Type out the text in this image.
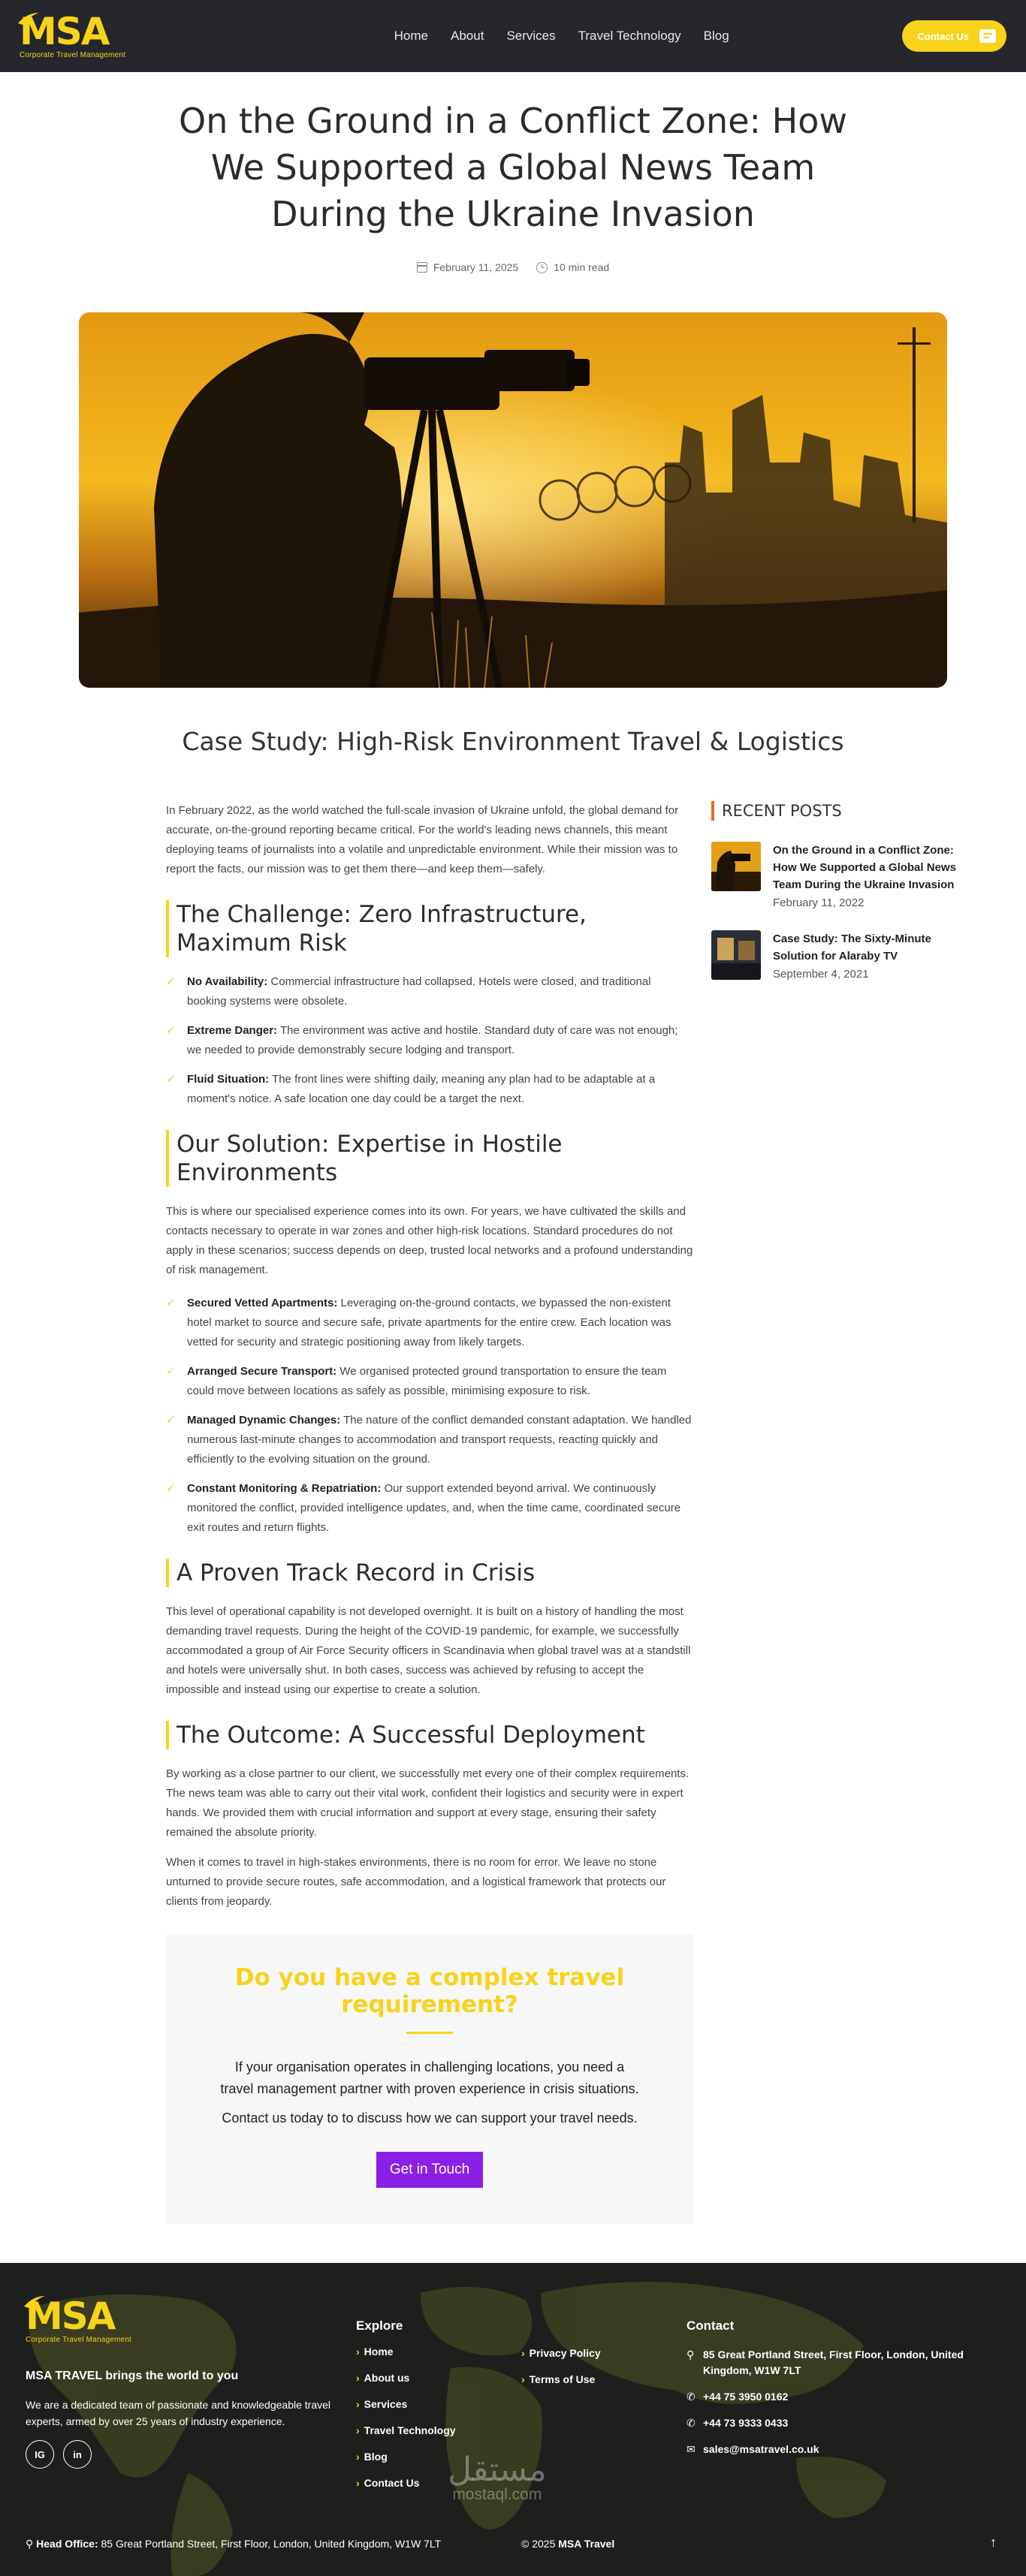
MSA
Corporate Travel Management
Home About Services Travel Technology Blog	Contact Us
On the Ground in a Conflict Zone: How We Supported a Global News Team During the Ukraine Invasion
February 11, 2025	10 min read
Case Study: High-Risk Environment Travel & Logistics

In February 2022, as the world watched the full-scale invasion of Ukraine unfold, the global demand for accurate, on-the-ground reporting became critical. For the world's leading news channels, this meant deploying teams of journalists into a volatile and unpredictable environment. While their mission was to report the facts, our mission was to get them there—and keep them—safely.

The Challenge: Zero Infrastructure, Maximum Risk
✓ No Availability: Commercial infrastructure had collapsed. Hotels were closed, and traditional booking systems were obsolete.
✓ Extreme Danger: The environment was active and hostile. Standard duty of care was not enough; we needed to provide demonstrably secure lodging and transport.
✓ Fluid Situation: The front lines were shifting daily, meaning any plan had to be adaptable at a moment's notice. A safe location one day could be a target the next.
Our Solution: Expertise in Hostile Environments

This is where our specialised experience comes into its own. For years, we have cultivated the skills and contacts necessary to operate in war zones and other high-risk locations. Standard procedures do not apply in these scenarios; success depends on deep, trusted local networks and a profound understanding of risk management.

✓ Secured Vetted Apartments: Leveraging on-the-ground contacts, we bypassed the non-existent hotel market to source and secure safe, private apartments for the entire crew. Each location was vetted for security and strategic positioning away from likely targets.
✓ Arranged Secure Transport: We organised protected ground transportation to ensure the team could move between locations as safely as possible, minimising exposure to risk.
✓ Managed Dynamic Changes: The nature of the conflict demanded constant adaptation. We handled numerous last-minute changes to accommodation and transport requests, reacting quickly and efficiently to the evolving situation on the ground.
✓ Constant Monitoring & Repatriation: Our support extended beyond arrival. We continuously monitored the conflict, provided intelligence updates, and, when the time came, coordinated secure exit routes and return flights.
A Proven Track Record in Crisis

This level of operational capability is not developed overnight. It is built on a history of handling the most demanding travel requests. During the height of the COVID-19 pandemic, for example, we successfully accommodated a group of Air Force Security officers in Scandinavia when global travel was at a standstill and hotels were universally shut. In both cases, success was achieved by refusing to accept the impossible and instead using our expertise to create a solution.

The Outcome: A Successful Deployment

By working as a close partner to our client, we successfully met every one of their complex requirements. The news team was able to carry out their vital work, confident their logistics and security were in expert hands. We provided them with crucial information and support at every stage, ensuring their safety remained the absolute priority.

When it comes to travel in high-stakes environments, there is no room for error. We leave no stone unturned to provide secure routes, safe accommodation, and a logistical framework that protects our clients from jeopardy.

Do you have a complex travel requirement?

If your organisation operates in challenging locations, you need a travel management partner with proven experience in crisis situations.

Contact us today to to discuss how we can support your travel needs.

Get in Touch
RECENT POSTS
On the Ground in a Conflict Zone: How We Supported a Global News Team During the Ukraine Invasion
February 11, 2022
Case Study: The Sixty-Minute Solution for Alaraby TV
September 4, 2021
MSA
Corporate Travel Management
MSA TRAVEL brings the world to you
We are a dedicated team of passionate and knowledgeable travel experts, armed by over 25 years of industry experience.
IG	in
Explore
› Home
› About us
› Services
› Travel Technology
› Blog
› Contact Us
› Privacy Policy
› Terms of Use
Contact
⚲ 85 Great Portland Street, First Floor, London, United Kingdom, W1W 7LT
✆ +44 75 3950 0162
✆ +44 73 9333 0433
✉ sales@msatravel.co.uk
مستقل
mostaql.com
⚲ Head Office: 85 Great Portland Street, First Floor, London, United Kingdom, W1W 7LT	© 2025 MSA Travel	↑
